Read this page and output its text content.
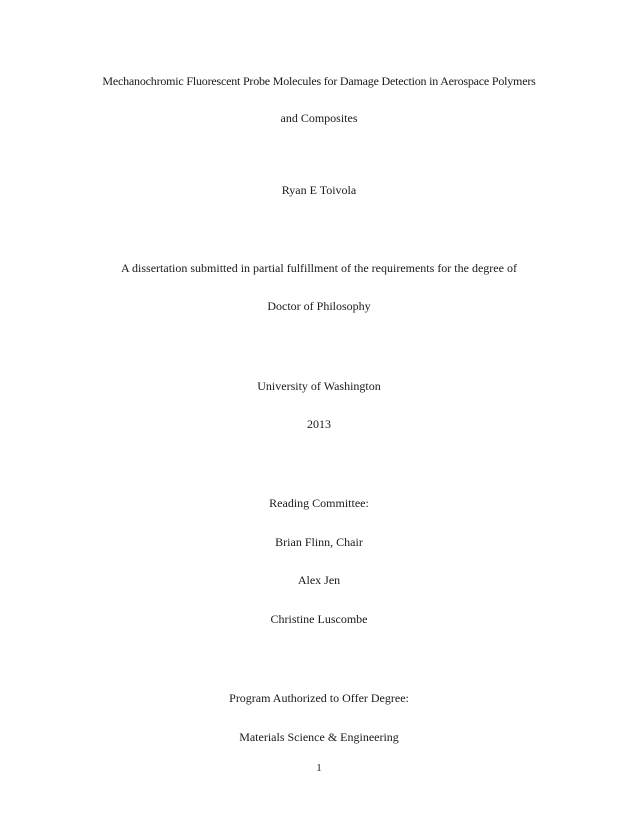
Mechanochromic Fluorescent Probe Molecules for Damage Detection in Aerospace Polymers
and Composites
Ryan E Toivola
A dissertation submitted in partial fulfillment of the requirements for the degree of
Doctor of Philosophy
University of Washington
2013
Reading Committee:
Brian Flinn, Chair
Alex Jen
Christine Luscombe
Program Authorized to Offer Degree:
Materials Science & Engineering
1
